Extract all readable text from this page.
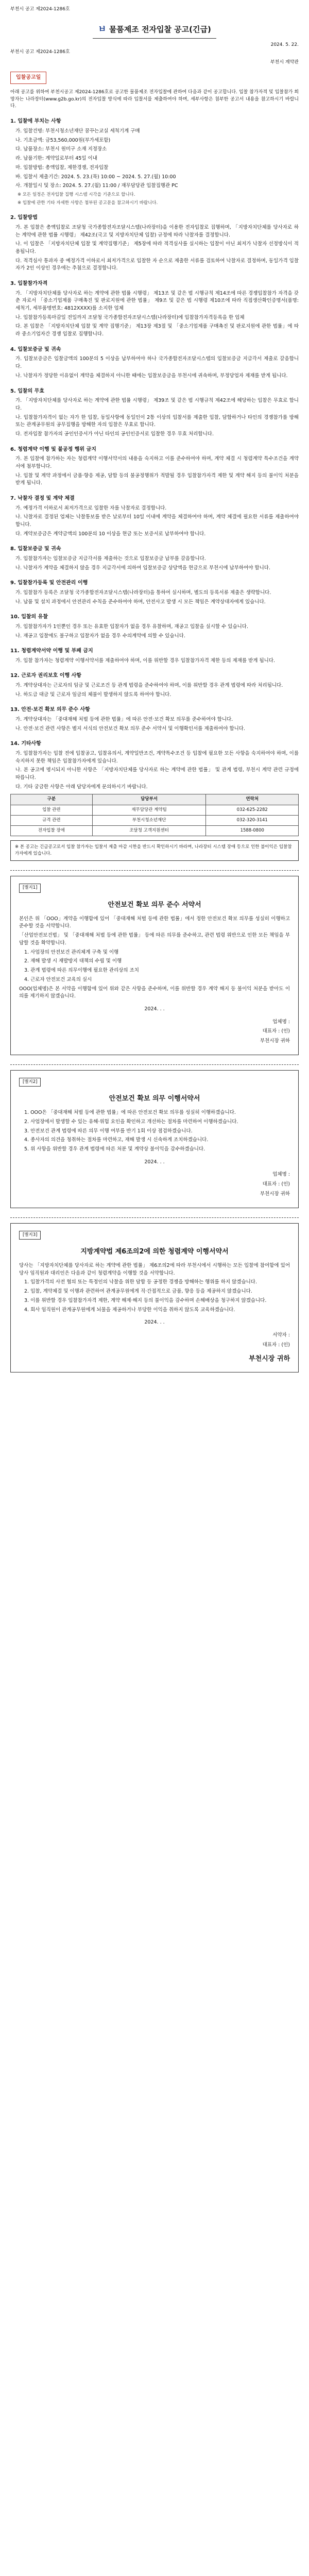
부천시 공고 제2024-1286호
ㅂ 물품제조 전자입찰 공고(긴급)
2024. 5. 22.
부천시 공고 제2024-1286호
부천시 계약관
입찰공고일

아래 공고를 위하여 부천시공고 제2024-1286호로 공고한 물품제조 전자입찰에 관하여 다음과 같이 공고합니다. 입찰 참가자격 및 입찰참가 희망자는 나라장터(www.g2b.go.kr)의 전자입찰 방식에 따라 입찰서를 제출하여야 하며, 세부사항은 첨부한 공고서 내용을 참고하시기 바랍니다.

1. 입찰에 부치는 사항

가. 입찰건명: 부천시청소년재단 꿈꾸는교실 세척기계 구매

나. 기초금액: 금53,560,000원(부가세포함)

다. 납품장소: 부천시 원미구 소재 지정장소

라. 납품기한: 계약일로부터 45일 이내

마. 입찰방법: 총액입찰, 제한경쟁, 전자입찰

바. 입찰서 제출기간: 2024. 5. 23.(목) 10:00 ~ 2024. 5. 27.(월) 10:00

사. 개찰일시 및 장소: 2024. 5. 27.(월) 11:00 / 재무담당관 입찰집행관 PC

※ 모든 일정은 전자입찰 집행 시스템 시각을 기준으로 합니다.

※ 입찰에 관한 기타 자세한 사항은 첨부된 공고문을 참고하시기 바랍니다.

2. 입찰방법

가. 본 입찰은 총액입찰로 조달청 국가종합전자조달시스템(나라장터)을 이용한 전자입찰로 집행하며, 「지방자치단체를 당사자로 하는 계약에 관한 법률 시행령」 제42조(국고 및 지방자치단체 입찰) 규정에 따라 낙찰자를 결정합니다.

나. 이 입찰은 「지방자치단체 입찰 및 계약집행기준」 제5장에 따라 적격심사를 실시하는 입찰이 아닌 최저가 낙찰자 선정방식이 적용됩니다.

다. 적격심사 통과자 중 예정가격 이하로서 최저가격으로 입찰한 자 순으로 제출한 서류를 검토하여 낙찰자로 결정하며, 동일가격 입찰자가 2인 이상인 경우에는 추첨으로 결정합니다.

3. 입찰참가자격

가. 「지방자치단체를 당사자로 하는 계약에 관한 법률 시행령」 제13조 및 같은 법 시행규칙 제14조에 따른 경쟁입찰참가 자격을 갖춘 자로서 「중소기업제품 구매촉진 및 판로지원에 관한 법률」 제9조 및 같은 법 시행령 제10조에 따라 직접생산확인증명서(품명: 세척기, 세부품명번호: 4812XXXX)를 소지한 업체

나. 입찰참가등록마감일 전일까지 조달청 국가종합전자조달시스템(나라장터)에 입찰참가자격등록을 한 업체

다. 본 입찰은 「지방자치단체 입찰 및 계약 집행기준」 제13장 제3절 및 「중소기업제품 구매촉진 및 판로지원에 관한 법률」에 따라 중소기업자간 경쟁 입찰로 집행합니다.

4. 입찰보증금 및 귀속

가. 입찰보증금은 입찰금액의 100분의 5 이상을 납부하여야 하나 국가종합전자조달시스템의 입찰보증금 지급각서 제출로 갈음합니다.

나. 낙찰자가 정당한 이유없이 계약을 체결하지 아니한 때에는 입찰보증금을 부천시에 귀속하며, 부정당업자 제재를 받게 됩니다.

5. 입찰의 무효

가. 「지방자치단체를 당사자로 하는 계약에 관한 법률 시행령」 제39조 및 같은 법 시행규칙 제42조에 해당하는 입찰은 무효로 합니다.

나. 입찰참가자격이 없는 자가 한 입찰, 동일사항에 동일인이 2통 이상의 입찰서를 제출한 입찰, 담합하거나 타인의 경쟁참가를 방해 또는 관계공무원의 공무집행을 방해한 자의 입찰은 무효로 합니다.

다. 전자입찰 참가자의 공인인증서가 아닌 타인의 공인인증서로 입찰한 경우 무효 처리합니다.

6. 청렴계약 이행 및 불공정 행위 금지

가. 본 입찰에 참가하는 자는 청렴계약 이행서약서의 내용을 숙지하고 이를 준수하여야 하며, 계약 체결 시 청렴계약 특수조건을 계약서에 첨부합니다.

나. 입찰 및 계약 과정에서 금품·향응 제공, 담합 등의 불공정행위가 적발될 경우 입찰참가자격 제한 및 계약 해지 등의 불이익 처분을 받게 됩니다.

7. 낙찰자 결정 및 계약 체결

가. 예정가격 이하로서 최저가격으로 입찰한 자를 낙찰자로 결정합니다.

나. 낙찰자로 결정된 업체는 낙찰통보를 받은 날로부터 10일 이내에 계약을 체결하여야 하며, 계약 체결에 필요한 서류를 제출하여야 합니다.

다. 계약보증금은 계약금액의 100분의 10 이상을 현금 또는 보증서로 납부하여야 합니다.

8. 입찰보증금 및 귀속

가. 입찰참가자는 입찰보증금 지급각서를 제출하는 것으로 입찰보증금 납부를 갈음합니다.

나. 낙찰자가 계약을 체결하지 않을 경우 지급각서에 의하여 입찰보증금 상당액을 현금으로 부천시에 납부하여야 합니다.

9. 입찰참가등록 및 안전관리 이행

가. 입찰참가 등록은 조달청 국가종합전자조달시스템(나라장터)을 통하여 실시하며, 별도의 등록서류 제출은 생략합니다.

나. 납품 및 설치 과정에서 안전관리 수칙을 준수하여야 하며, 안전사고 발생 시 모든 책임은 계약상대자에게 있습니다.

10. 입찰의 유찰

가. 입찰참가자가 1인뿐인 경우 또는 유효한 입찰자가 없을 경우 유찰하며, 재공고 입찰을 실시할 수 있습니다.

나. 재공고 입찰에도 불구하고 입찰자가 없을 경우 수의계약에 의할 수 있습니다.

11. 청렴계약서약 이행 및 부패 금지

가. 입찰 참가자는 청렴계약 이행서약서를 제출하여야 하며, 이를 위반할 경우 입찰참가자격 제한 등의 제재를 받게 됩니다.

12. 근로자 권리보호 이행 사항

가. 계약상대자는 근로자의 임금 및 근로조건 등 관계 법령을 준수하여야 하며, 이를 위반할 경우 관계 법령에 따라 처리됩니다.

나. 하도급 대금 및 근로자 임금의 체불이 발생하지 않도록 하여야 합니다.

13. 안전·보건 확보 의무 준수 사항

가. 계약상대자는 「중대재해 처벌 등에 관한 법률」에 따른 안전·보건 확보 의무를 준수하여야 합니다.

나. 안전·보건 관련 사항은 별지 서식의 안전보건 확보 의무 준수 서약서 및 이행확인서를 제출하여야 합니다.

14. 기타사항

가. 입찰참가자는 입찰 전에 입찰공고, 입찰유의서, 계약일반조건, 계약특수조건 등 입찰에 필요한 모든 사항을 숙지하여야 하며, 이를 숙지하지 못한 책임은 입찰참가자에게 있습니다.

나. 본 공고에 명시되지 아니한 사항은 「지방자치단체를 당사자로 하는 계약에 관한 법률」 및 관계 법령, 부천시 계약 관련 규정에 따릅니다.

다. 기타 궁금한 사항은 아래 담당자에게 문의하시기 바랍니다.

구분	담당부서	연락처
입찰 관련	재무담당관 계약팀	032-625-2282
규격 관련	부천시청소년재단	032-320-3141
전자입찰 장애	조달청 고객지원센터	1588-0800
※ 본 공고는 긴급공고로서 입찰 참가자는 입찰서 제출 마감 시한을 반드시 확인하시기 바라며, 나라장터 시스템 장애 등으로 인한 불이익은 입찰참가자에게 있습니다.
[별지1]
안전보건 확보 의무 준수 서약서

본인은 위 「OOO」계약을 이행함에 있어 「중대재해 처벌 등에 관한 법률」에서 정한 안전보건 확보 의무를 성실히 이행하고 준수할 것을 서약합니다.

「산업안전보건법」 및 「중대재해 처벌 등에 관한 법률」 등에 따른 의무를 준수하고, 관련 법령 위반으로 인한 모든 책임을 부담할 것을 확약합니다.

1. 사업장의 안전보건 관리체계 구축 및 이행

2. 재해 발생 시 재발방지 대책의 수립 및 이행

3. 관계 법령에 따른 의무이행에 필요한 관리상의 조치

4. 근로자 안전보건 교육의 실시

OOO(업체명)은 본 서약을 이행함에 있어 위와 같은 사항을 준수하며, 이를 위반할 경우 계약 해지 등 불이익 처분을 받아도 이의를 제기하지 않겠습니다.

2024. . .
업체명 :
대표자 : (인)
부천시장 귀하
[별지2]
안전보건 확보 의무 이행서약서

1. OOO은 「중대재해 처벌 등에 관한 법률」에 따른 안전보건 확보 의무를 성실히 이행하겠습니다.

2. 사업장에서 발생할 수 있는 유해·위험 요인을 확인하고 개선하는 절차를 마련하여 이행하겠습니다.

3. 안전보건 관계 법령에 따른 의무 이행 여부를 반기 1회 이상 점검하겠습니다.

4. 종사자의 의견을 청취하는 절차를 마련하고, 재해 발생 시 신속하게 조치하겠습니다.

5. 위 사항을 위반할 경우 관계 법령에 따른 처분 및 계약상 불이익을 감수하겠습니다.

2024. . .
업체명 :
대표자 : (인)
부천시장 귀하
[별지3]
지방계약법 제6조의2에 의한 청렴계약 이행서약서

당사는 「지방자치단체를 당사자로 하는 계약에 관한 법률」 제6조의2에 따라 부천시에서 시행하는 모든 입찰에 참여함에 있어 당사 임직원과 대리인은 다음과 같이 청렴계약을 이행할 것을 서약합니다.

1. 입찰가격의 사전 협의 또는 특정인의 낙찰을 위한 담합 등 공정한 경쟁을 방해하는 행위를 하지 않겠습니다.

2. 입찰, 계약체결 및 이행과 관련하여 관계공무원에게 직·간접적으로 금품, 향응 등을 제공하지 않겠습니다.

3. 이를 위반할 경우 입찰참가자격 제한, 계약 해제·해지 등의 불이익을 감수하며 손해배상을 청구하지 않겠습니다.

4. 회사 임직원이 관계공무원에게 뇌물을 제공하거나 부당한 이익을 취하지 않도록 교육하겠습니다.

2024. . .
서약자 :
대표자 : (인)
부천시장 귀하
